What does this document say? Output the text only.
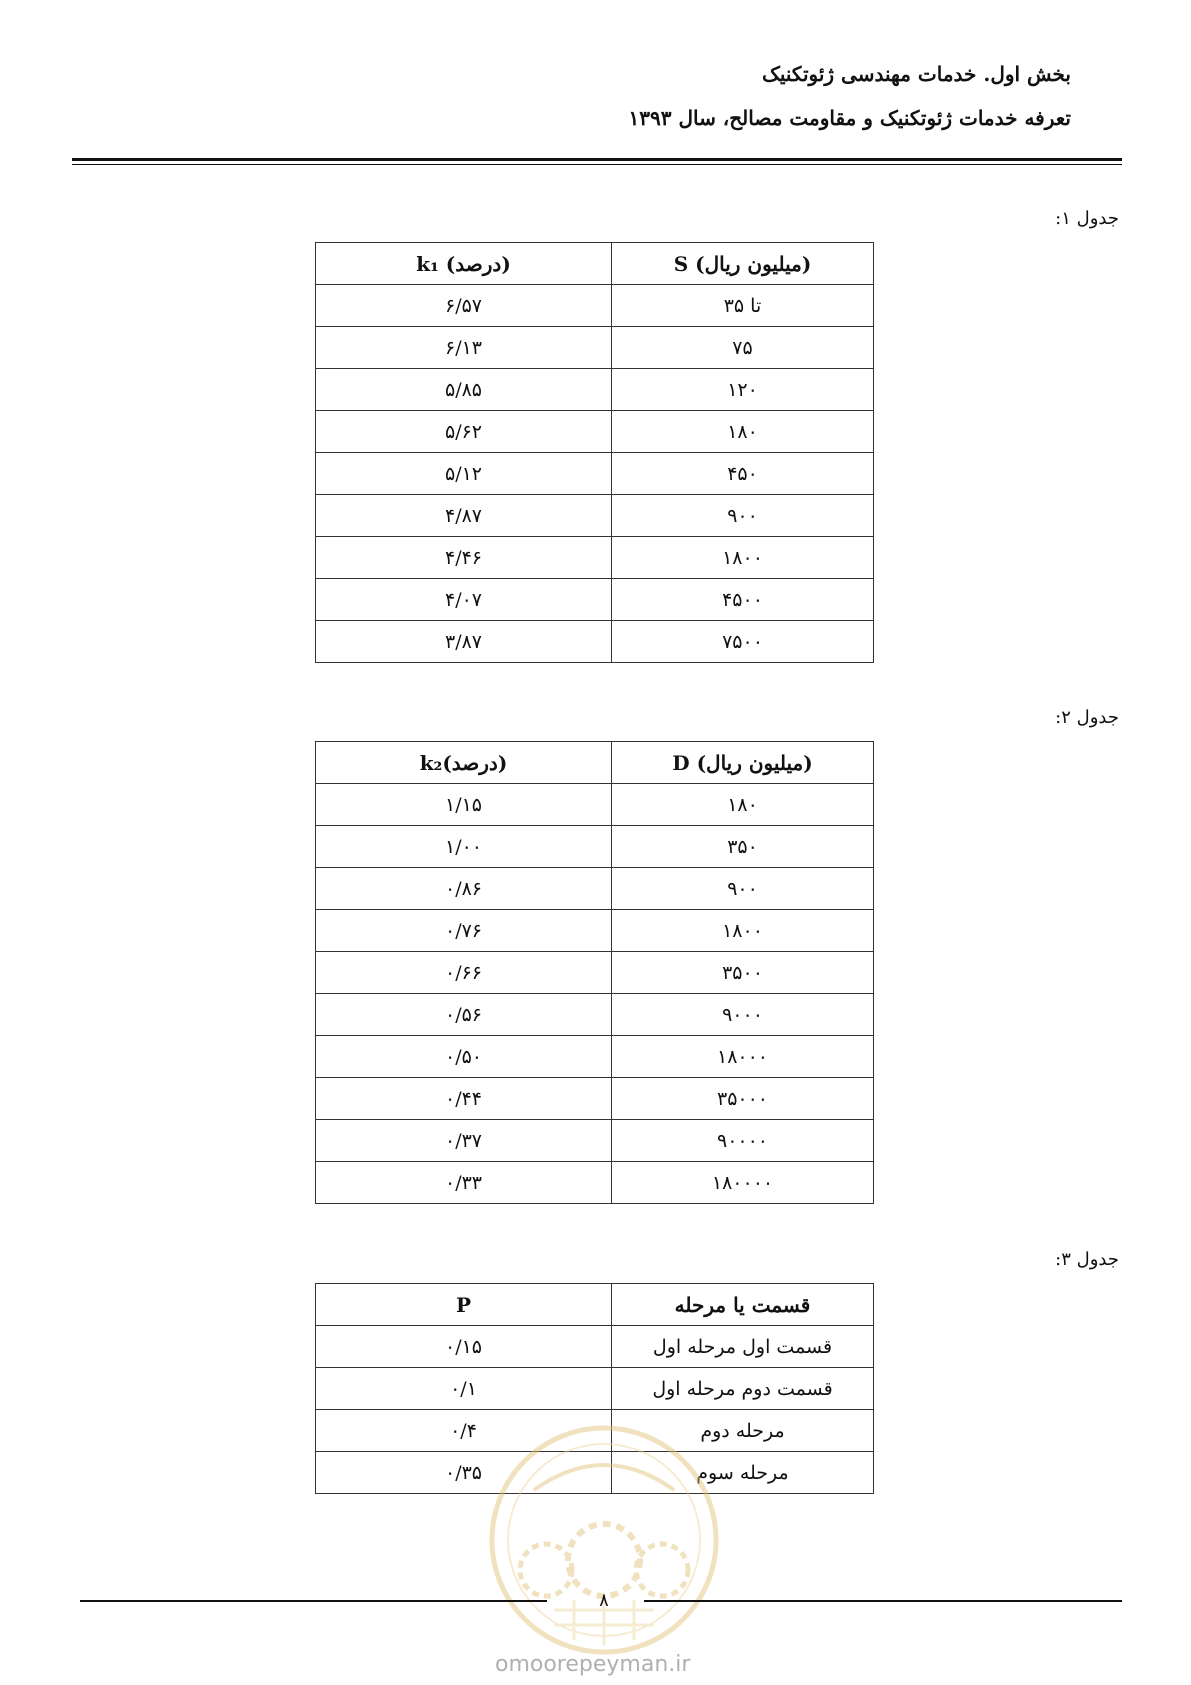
بخش اول. خدمات مهندسی ژئوتکنیک
تعرفه خدمات ژئوتکنیک و مقاومت مصالح، سال ۱۳۹۳
جدول ۱:
(میلیون ریال) S	(درصد) k₁
تا ۳۵	۶/۵۷
۷۵	۶/۱۳
۱۲۰	۵/۸۵
۱۸۰	۵/۶۲
۴۵۰	۵/۱۲
۹۰۰	۴/۸۷
۱۸۰۰	۴/۴۶
۴۵۰۰	۴/۰۷
۷۵۰۰	۳/۸۷
جدول ۲:
(میلیون ریال) D	(درصد)k₂
۱۸۰	۱/۱۵
۳۵۰	۱/۰۰
۹۰۰	۰/۸۶
۱۸۰۰	۰/۷۶
۳۵۰۰	۰/۶۶
۹۰۰۰	۰/۵۶
۱۸۰۰۰	۰/۵۰
۳۵۰۰۰	۰/۴۴
۹۰۰۰۰	۰/۳۷
۱۸۰۰۰۰	۰/۳۳
جدول ۳:
قسمت یا مرحله	P
قسمت اول مرحله اول	۰/۱۵
قسمت دوم مرحله اول	۰/۱
مرحله دوم	۰/۴
مرحله سوم	۰/۳۵
۸
omoorepeyman.ir
